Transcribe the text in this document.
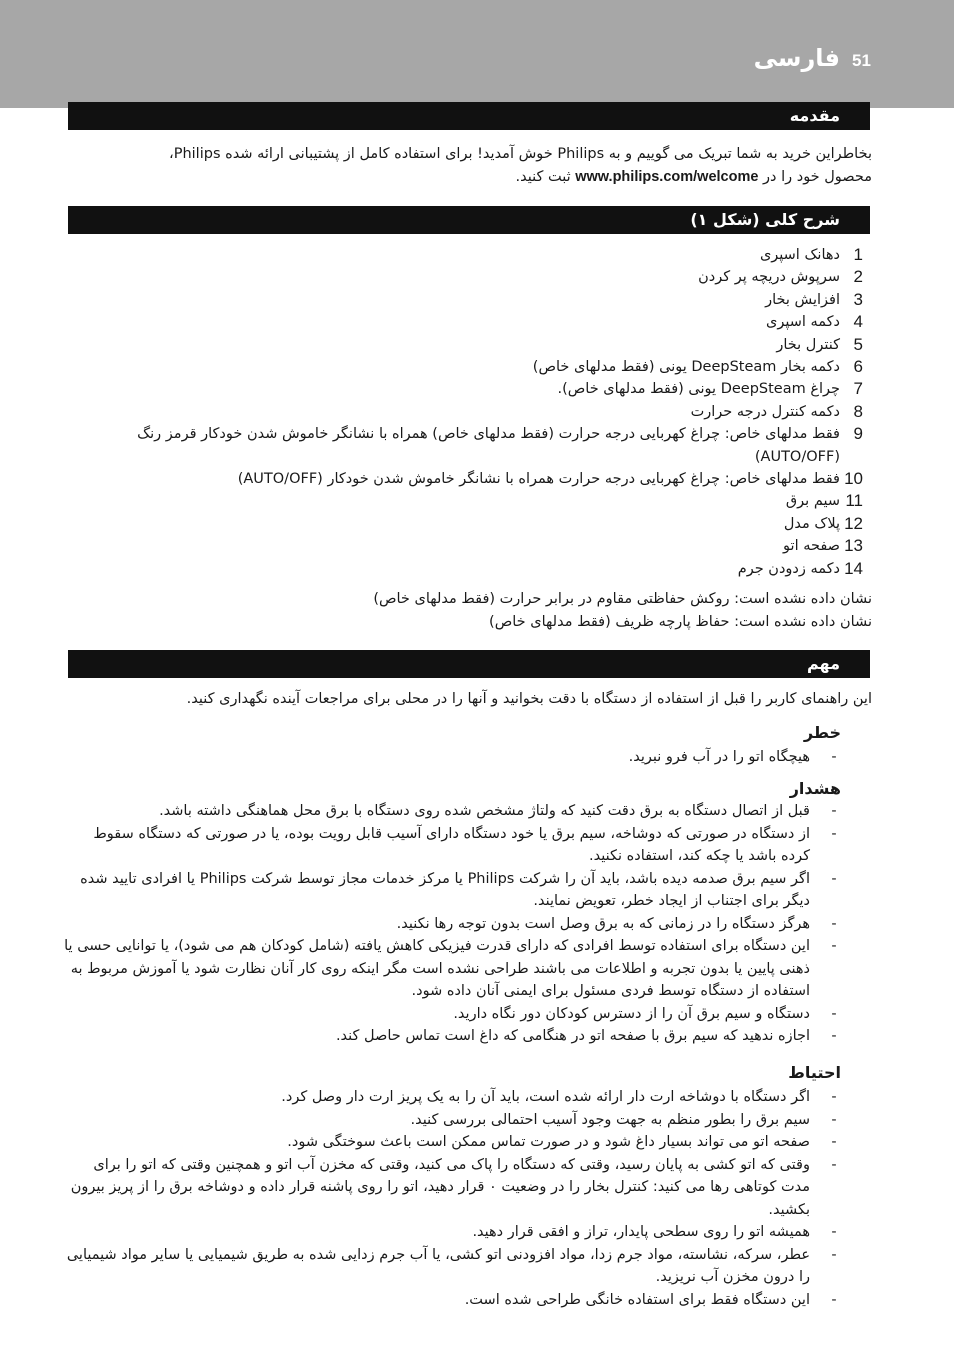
51
فارسی
مقدمه

بخاطراین خرید به شما تبریک می گوییم و به Philips خوش آمدید! برای استفاده کامل از پشتیبانی ارائه شده Philips،
محصول خود را در www.philips.com/welcome ثبت کنید.

شرح کلی (شکل ۱)
1
دهانک اسپری
2
سرپوش دریچه پر کردن
3
افزایش بخار
4
دکمه اسپری
5
کنترل بخار
6
دکمه بخار DeepSteam یونی (فقط مدلهای خاص)
7
چراغ DeepSteam یونی (فقط مدلهای خاص).
8
دکمه کنترل درجه حرارت
9
فقط مدلهای خاص: چراغ کهربایی درجه حرارت (فقط مدلهای خاص) همراه با نشانگر خاموش شدن خودکار قرمز رنگ (AUTO/OFF)
10
فقط مدلهای خاص: چراغ کهربایی درجه حرارت همراه با نشانگر خاموش شدن خودکار (AUTO/OFF)
11
سیم برق
12
پلاک مدل
13
صفحه اتو
14
دکمه زدودن جرم
نشان داده نشده است: روکش حفاظتی مقاوم در برابر حرارت (فقط مدلهای خاص)
نشان داده نشده است: حفاظ پارچه ظریف (فقط مدلهای خاص)
مهم

این راهنمای کاربر را قبل از استفاده از دستگاه با دقت بخوانید و آنها را در محلی برای مراجعات آینده نگهداری کنید.

خطر
-
هیچگاه اتو را در آب فرو نبرید.
هشدار
-
قبل از اتصال دستگاه به برق دقت کنید که ولتاژ مشخص شده روی دستگاه با برق محل هماهنگی داشته باشد.
-
از دستگاه در صورتی که دوشاخه، سیم برق یا خود دستگاه دارای آسیب قابل رویت بوده، یا در صورتی که دستگاه سقوط کرده باشد یا چکه کند، استفاده نکنید.
-
اگر سیم برق صدمه دیده باشد، باید آن را شرکت Philips یا مرکز خدمات مجاز توسط شرکت Philips یا افرادی تایید شده دیگر برای اجتناب از ایجاد خطر، تعویض نمایند.
-
هرگز دستگاه را در زمانی که به برق وصل است بدون توجه رها نکنید.
-
این دستگاه برای استفاده توسط افرادی که دارای قدرت فیزیکی کاهش یافته (شامل کودکان هم می شود)، یا توانایی حسی یا ذهنی پایین یا بدون تجربه و اطلاعات می باشند طراحی نشده است مگر اینکه روی کار آنان نظارت شود یا آموزش مربوط به استفاده از دستگاه توسط فردی مسئول برای ایمنی آنان داده شود.
-
دستگاه و سیم برق آن را از دسترس کودکان دور نگاه دارید.
-
اجازه ندهید که سیم برق با صفحه اتو در هنگامی که داغ است تماس حاصل کند.
احتیاط
-
اگر دستگاه با دوشاخه ارت دار ارائه شده است، باید آن را به یک پریز ارت دار وصل کرد.
-
سیم برق را بطور منظم به جهت وجود آسیب احتمالی بررسی کنید.
-
صفحه اتو می تواند بسیار داغ شود و در صورت تماس ممکن است باعث سوختگی شود.
-
وقتی که اتو کشی به پایان رسید، وقتی که دستگاه را پاک می کنید، وقتی که مخزن آب اتو و همچنین وقتی که اتو را برای مدت کوتاهی رها می کنید: کنترل بخار را در وضعیت ۰ قرار دهید، اتو را روی پاشنه قرار داده و دوشاخه برق را از پریز بیرون بکشید.
-
همیشه اتو را روی سطحی پایدار، تراز و افقی قرار دهید.
-
عطر، سرکه، نشاسته، مواد جرم زدا، مواد افزودنی اتو کشی، یا آب جرم زدایی شده به طریق شیمیایی یا سایر مواد شیمیایی را درون مخزن آب نریزید.
-
این دستگاه فقط برای استفاده خانگی طراحی شده است.
